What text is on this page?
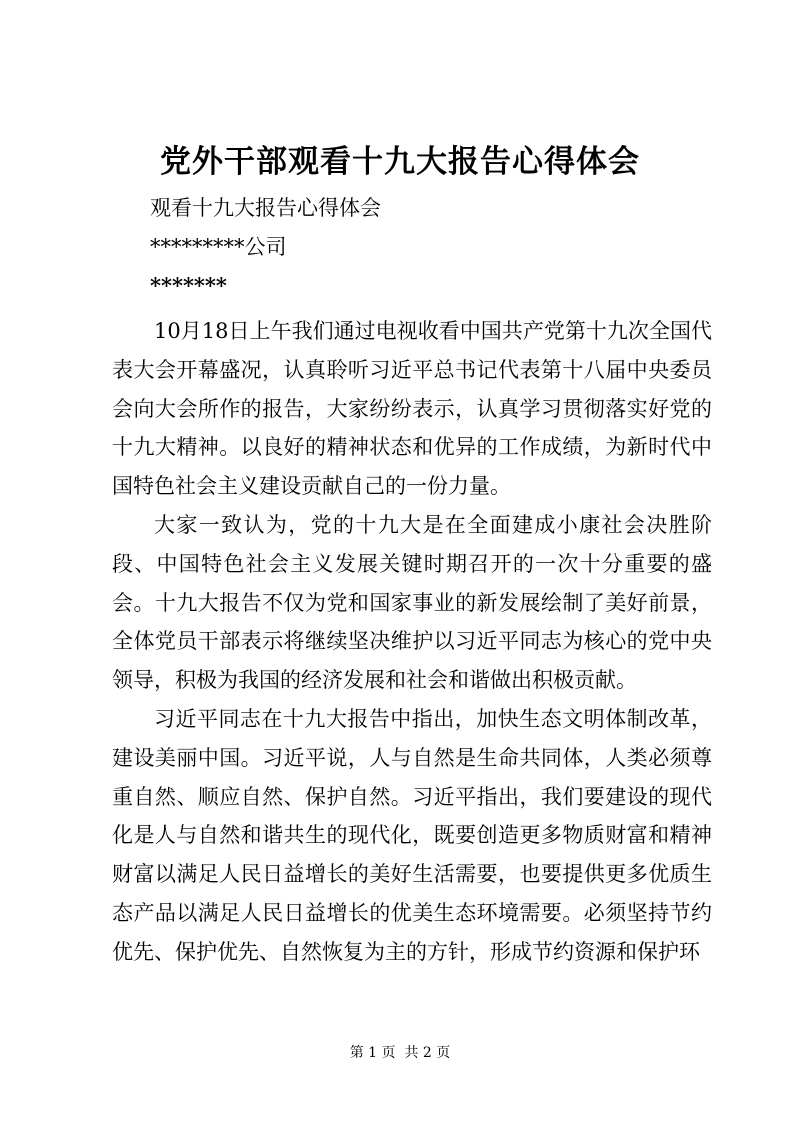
党外干部观看十九大报告心得体会
观看十九大报告心得体会
*********公司
*******

10月18日上午我们通过电视收看中国共产党第十九次全国代表大会开幕盛况，认真聆听习近平总书记代表第十八届中央委员会向大会所作的报告，大家纷纷表示，认真学习贯彻落实好党的十九大精神。以良好的精神状态和优异的工作成绩，为新时代中国特色社会主义建设贡献自己的一份力量。

大家一致认为，党的十九大是在全面建成小康社会决胜阶段、中国特色社会主义发展关键时期召开的一次十分重要的盛会。十九大报告不仅为党和国家事业的新发展绘制了美好前景，全体党员干部表示将继续坚决维护以习近平同志为核心的党中央领导，积极为我国的经济发展和社会和谐做出积极贡献。

习近平同志在十九大报告中指出，加快生态文明体制改革，建设美丽中国。习近平说，人与自然是生命共同体，人类必须尊重自然、顺应自然、保护自然。习近平指出，我们要建设的现代化是人与自然和谐共生的现代化，既要创造更多物质财富和精神财富以满足人民日益增长的美好生活需要，也要提供更多优质生态产品以满足人民日益增长的优美生态环境需要。必须坚持节约优先、保护优先、自然恢复为主的方针，形成节约资源和保护环

第 1 页  共 2 页
